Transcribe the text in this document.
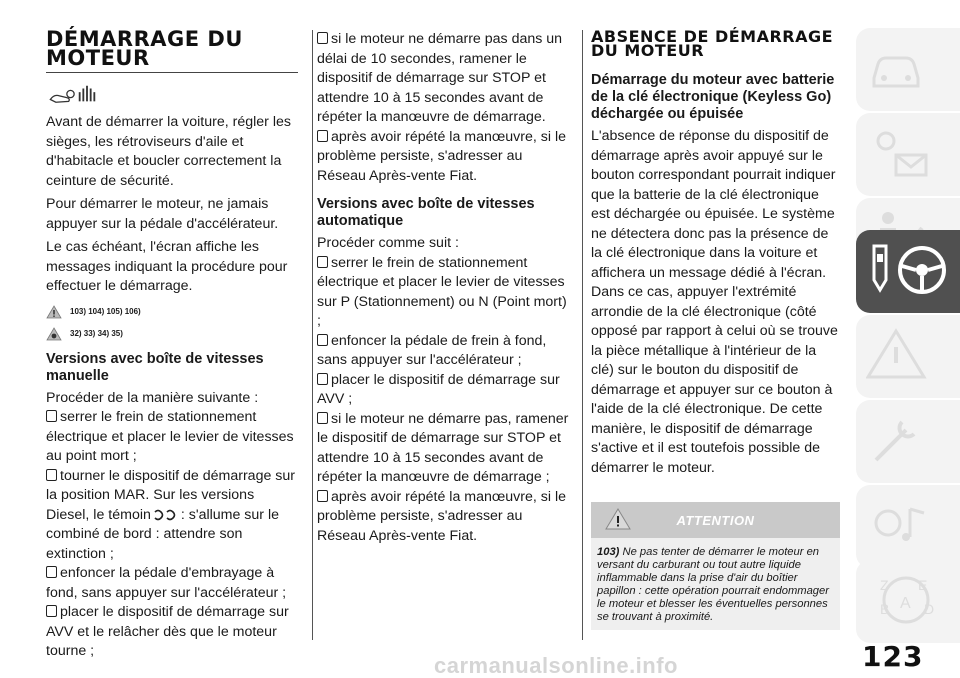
DÉMARRAGE DU MOTEUR

Avant de démarrer la voiture, régler les sièges, les rétroviseurs d'aile et d'habitacle et boucler correctement la ceinture de sécurité.

Pour démarrer le moteur, ne jamais appuyer sur la pédale d'accélérateur.

Le cas échéant, l'écran affiche les messages indiquant la procédure pour effectuer le démarrage.

103) 104) 105) 106)
32) 33) 34) 35)
Versions avec boîte de vitesses manuelle

Procéder de la manière suivante :

serrer le frein de stationnement électrique et placer le levier de vitesses au point mort ;

tourner le dispositif de démarrage sur la position MAR. Sur les versions Diesel, le témoin : s'allume sur le combiné de bord : attendre son extinction ;

enfoncer la pédale d'embrayage à fond, sans appuyer sur l'accélérateur ;

placer le dispositif de démarrage sur AVV et le relâcher dès que le moteur tourne ;

si le moteur ne démarre pas dans un délai de 10 secondes, ramener le dispositif de démarrage sur STOP et attendre 10 à 15 secondes avant de répéter la manœuvre de démarrage.

après avoir répété la manœuvre, si le problème persiste, s'adresser au Réseau Après-vente Fiat.

Versions avec boîte de vitesses automatique

Procéder comme suit :

serrer le frein de stationnement électrique et placer le levier de vitesses sur P (Stationnement) ou N (Point mort) ;

enfoncer la pédale de frein à fond, sans appuyer sur l'accélérateur ;

placer le dispositif de démarrage sur AVV ;

si le moteur ne démarre pas, ramener le dispositif de démarrage sur STOP et attendre 10 à 15 secondes avant de répéter la manœuvre de démarrage ;

après avoir répété la manœuvre, si le problème persiste, s'adresser au Réseau Après-vente Fiat.

ABSENCE DE DÉMARRAGE DU MOTEUR
Démarrage du moteur avec batterie de la clé électronique (Keyless Go) déchargée ou épuisée

L'absence de réponse du dispositif de démarrage après avoir appuyé sur le bouton correspondant pourrait indiquer que la batterie de la clé électronique est déchargée ou épuisée. Le système ne détectera donc pas la présence de la clé électronique dans la voiture et affichera un message dédié à l'écran. Dans ce cas, appuyer l'extrémité arrondie de la clé électronique (côté opposé par rapport à celui où se trouve la pièce métallique à l'intérieur de la clé) sur le bouton du dispositif de démarrage et appuyer sur ce bouton à l'aide de la clé électronique. De cette manière, le dispositif de démarrage s'active et il est toutefois possible de démarrer le moteur.

ATTENTION
103) Ne pas tenter de démarrer le moteur en versant du carburant ou tout autre liquide inflammable dans la prise d'air du boîtier papillon : cette opération pourrait endommager le moteur et blesser les éventuelles personnes se trouvant à proximité.
Z E
A
B D
123
carmanualsonline.info
